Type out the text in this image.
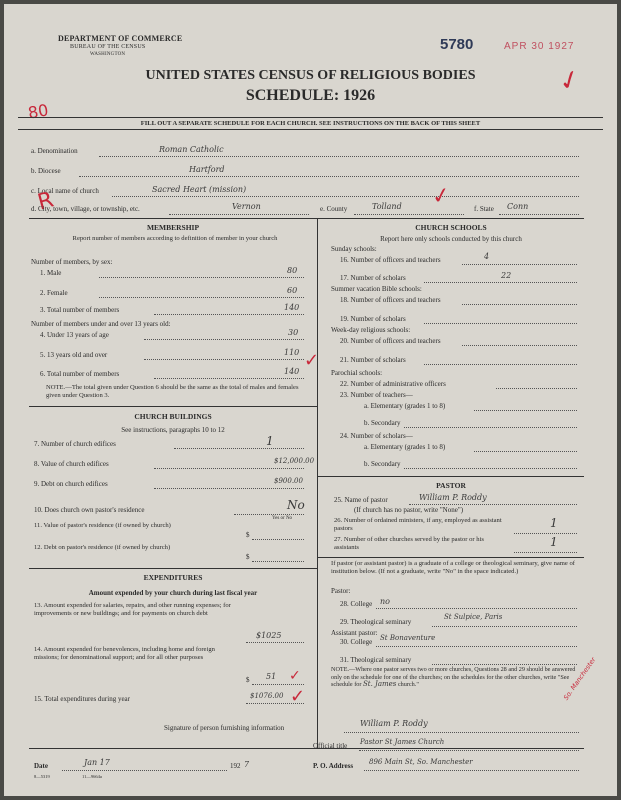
DEPARTMENT OF COMMERCE
BUREAU OF THE CENSUS
WASHINGTON
5780	APR 30 1927
✓
UNITED STATES CENSUS OF RELIGIOUS BODIES
SCHEDULE: 1926
80
FILL OUT A SEPARATE SCHEDULE FOR EACH CHURCH. SEE INSTRUCTIONS ON THE BACK OF THIS SHEET
a. Denomination	Roman Catholic
b. Diocese	Hartford
c. Local name of church	Sacred Heart (mission)
R
d. City, town, village, or township, etc.	Vernon	e. County	Tolland ✓	f. State Conn
MEMBERSHIP
Report number of members according to definition of member in your church
Number of members, by sex:
1. Male	80
2. Female	60
3. Total number of members	140
Number of members under and over 13 years old:
4. Under 13 years of age	30
5. 13 years old and over	110
6. Total number of members	140
✓
NOTE.—The total given under Question 6 should be the same as the total of males and females given under Question 3.
CHURCH BUILDINGS
See instructions, paragraphs 10 to 12
7. Number of church edifices	1
8. Value of church edifices	$12,000.00
9. Debt on church edifices	$900.00
10. Does church own pastor's residence	No
Yes or No
11. Value of pastor's residence (if owned by church)
$
12. Debt on pastor's residence (if owned by church)
$
EXPENDITURES
Amount expended by your church during last fiscal year
13. Amount expended for salaries, repairs, and other running expenses; for improvements or new buildings; and for payments on church debt
$1025
14. Amount expended for benevolences, including home and foreign missions; for denominational support; and for all other purposes
$ 51 ✓
15. Total expenditures during year	$1076.00 ✓
CHURCH SCHOOLS
Report here only schools conducted by this church
Sunday schools:
16. Number of officers and teachers	4
17. Number of scholars	22
Summer vacation Bible schools:
18. Number of officers and teachers
19. Number of scholars
Week-day religious schools:
20. Number of officers and teachers
21. Number of scholars
Parochial schools:
22. Number of administrative officers
23. Number of teachers—
a. Elementary (grades 1 to 8)
b. Secondary
24. Number of scholars—
a. Elementary (grades 1 to 8)
b. Secondary
PASTOR
25. Name of pastor	William P. Roddy
(If church has no pastor, write "None")
26. Number of ordained ministers, if any, employed as assistant pastors	1
27. Number of other churches served by the pastor or his assistants	1
If pastor (or assistant pastor) is a graduate of a college or theological seminary, give name of institution below. (If not a graduate, write "No" in the space indicated.)
Pastor:
28. College no
29. Theological seminary
St Sulpice, Paris
Assistant pastor:
30. College St Bonaventure
31. Theological seminary
NOTE.—Where one pastor serves two or more churches, Questions 28 and 29 should be answered only on the schedule for one of the churches; on the schedules for the other churches, write "See schedule for St. James church."	So. Manchester
Signature of person furnishing information	William P. Roddy
Official title Pastor St James Church
Date	Jan 17	192 7	P. O. Address 896 Main St, So. Manchester
8—5319	11—9664a
